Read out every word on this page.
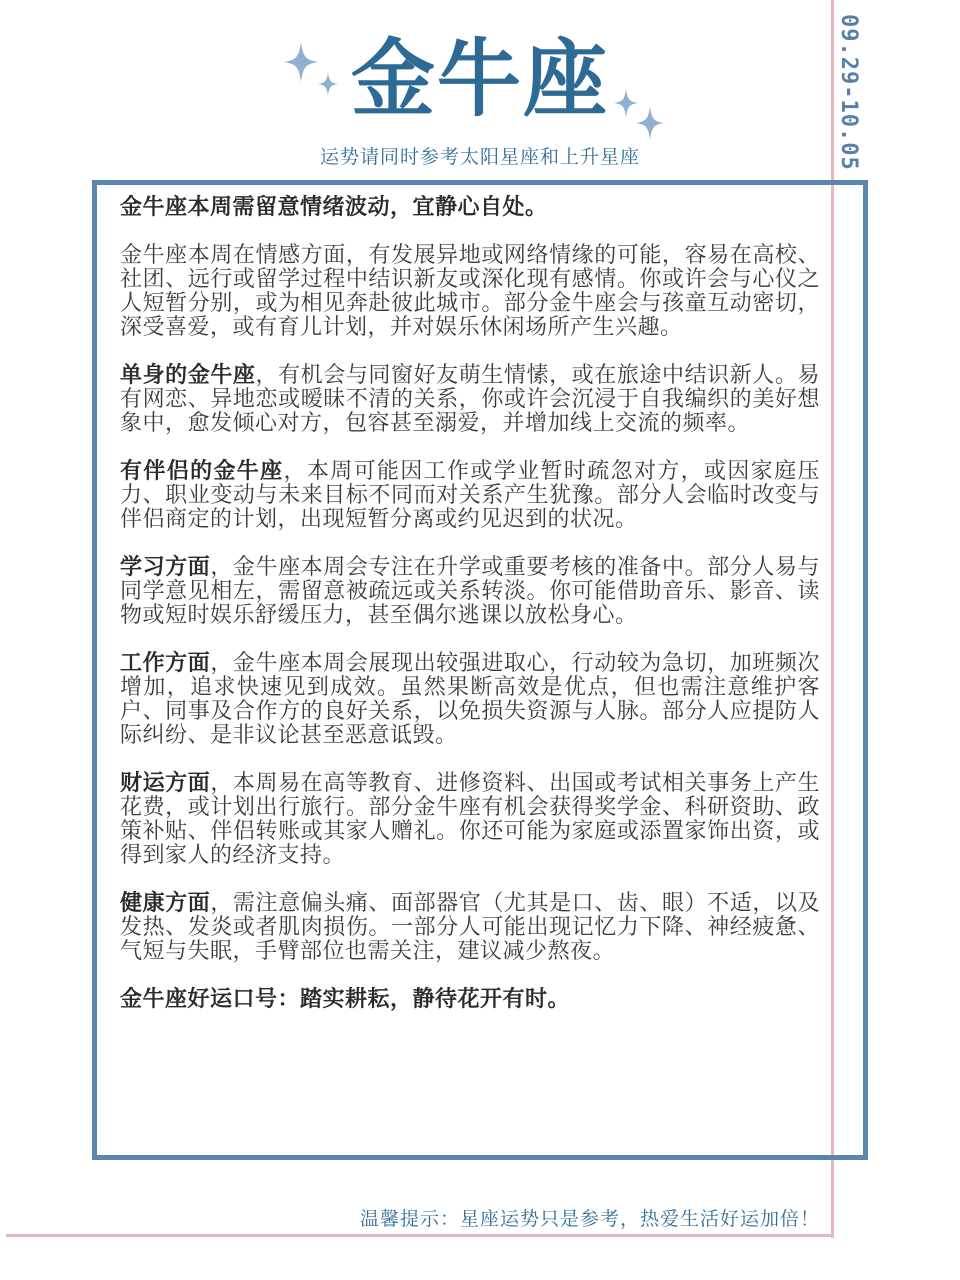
09.29-10.05
金牛座
运势请同时参考太阳星座和上升星座

金牛座本周需留意情绪波动，宜静心自处。

金牛座本周在情感方面，有发展异地或网络情缘的可能，容易在高校、社团、远行或留学过程中结识新友或深化现有感情。你或许会与心仪之人短暂分别，或为相见奔赴彼此城市。部分金牛座会与孩童互动密切，深受喜爱，或有育儿计划，并对娱乐休闲场所产生兴趣。

单身的金牛座，有机会与同窗好友萌生情愫，或在旅途中结识新人。易有网恋、异地恋或暧昧不清的关系，你或许会沉浸于自我编织的美好想象中，愈发倾心对方，包容甚至溺爱，并增加线上交流的频率。

有伴侣的金牛座，本周可能因工作或学业暂时疏忽对方，或因家庭压力、职业变动与未来目标不同而对关系产生犹豫。部分人会临时改变与伴侣商定的计划，出现短暂分离或约见迟到的状况。

学习方面，金牛座本周会专注在升学或重要考核的准备中。部分人易与同学意见相左，需留意被疏远或关系转淡。你可能借助音乐、影音、读物或短时娱乐舒缓压力，甚至偶尔逃课以放松身心。

工作方面，金牛座本周会展现出较强进取心，行动较为急切，加班频次增加，追求快速见到成效。虽然果断高效是优点，但也需注意维护客户、同事及合作方的良好关系，以免损失资源与人脉。部分人应提防人际纠纷、是非议论甚至恶意诋毁。

财运方面，本周易在高等教育、进修资料、出国或考试相关事务上产生花费，或计划出行旅行。部分金牛座有机会获得奖学金、科研资助、政策补贴、伴侣转账或其家人赠礼。你还可能为家庭或添置家饰出资，或得到家人的经济支持。

健康方面，需注意偏头痛、面部器官（尤其是口、齿、眼）不适，以及发热、发炎或者肌肉损伤。一部分人可能出现记忆力下降、神经疲惫、气短与失眠，手臂部位也需关注，建议减少熬夜。

金牛座好运口号：踏实耕耘，静待花开有时。

温馨提示：星座运势只是参考，热爱生活好运加倍！
